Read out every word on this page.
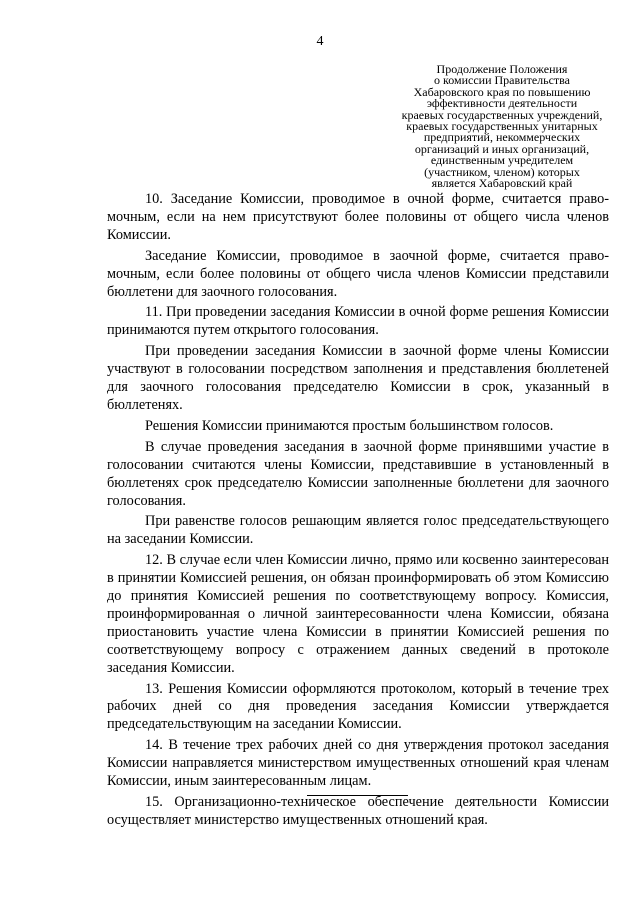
4
Продолжение Положения
о комиссии Правительства
Хабаровского края по повышению
эффективности деятельности
краевых государственных учреждений,
краевых государственных унитарных
предприятий, некоммерческих
организаций и иных организаций,
единственным учредителем
(участником, членом) которых
является Хабаровский край

10. Заседание Комиссии, проводимое в очной форме, считается правомочным, если на нем присутствуют более половины от общего числа членов Комиссии.

Заседание Комиссии, проводимое в заочной форме, считается правомочным, если более половины от общего числа членов Комиссии представили бюллетени для заочного голосования.

11. При проведении заседания Комиссии в очной форме решения Комиссии принимаются путем открытого голосования.

При проведении заседания Комиссии в заочной форме члены Комиссии участвуют в голосовании посредством заполнения и представления бюллетеней для заочного голосования председателю Комиссии в срок, указанный в бюллетенях.

Решения Комиссии принимаются простым большинством голосов.

В случае проведения заседания в заочной форме принявшими участие в голосовании считаются члены Комиссии, представившие в установленный в бюллетенях срок председателю Комиссии заполненные бюллетени для заочного голосования.

При равенстве голосов решающим является голос председательствующего на заседании Комиссии.

12. В случае если член Комиссии лично, прямо или косвенно заинтересован в принятии Комиссией решения, он обязан проинформировать об этом Комиссию до принятия Комиссией решения по соответствующему вопросу. Комиссия, проинформированная о личной заинтересованности члена Комиссии, обязана приостановить участие члена Комиссии в принятии Комиссией решения по соответствующему вопросу с отражением данных сведений в протоколе заседания Комиссии.

13. Решения Комиссии оформляются протоколом, который в течение трех рабочих дней со дня проведения заседания Комиссии утверждается председательствующим на заседании Комиссии.

14. В течение трех рабочих дней со дня утверждения протокол заседания Комиссии направляется министерством имущественных отношений края членам Комиссии, иным заинтересованным лицам.

15. Организационно-техническое обеспечение деятельности Комиссии осуществляет министерство имущественных отношений края.
